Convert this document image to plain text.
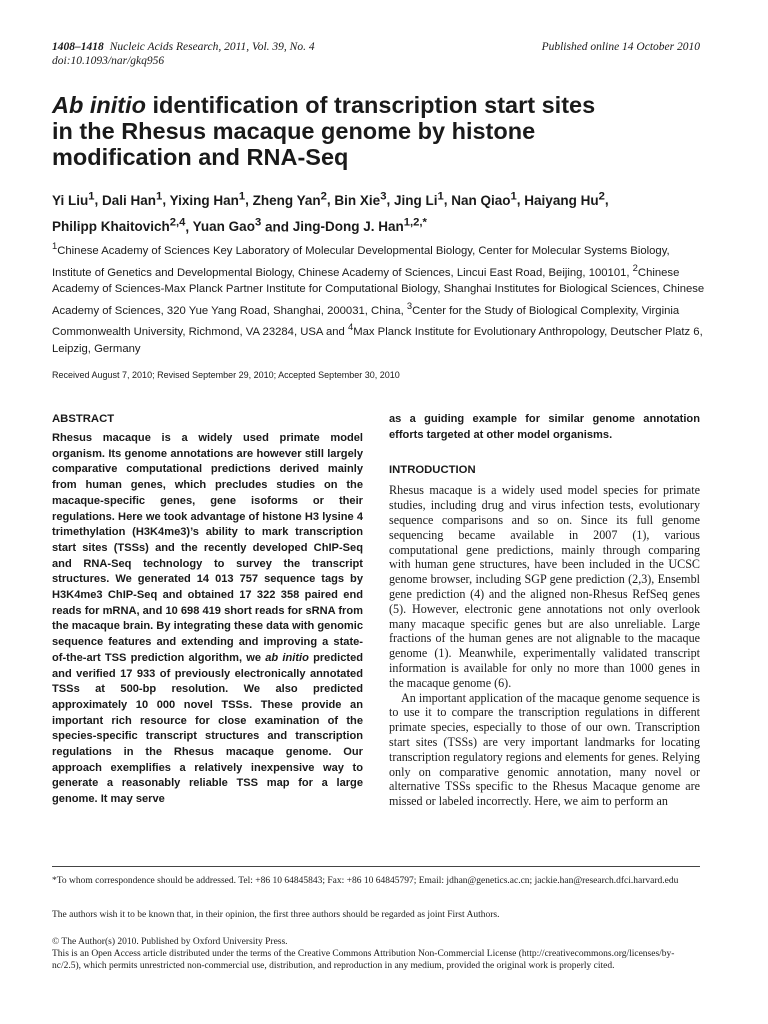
1408–1418 Nucleic Acids Research, 2011, Vol. 39, No. 4
doi:10.1093/nar/gkq956
Published online 14 October 2010
Ab initio identification of transcription start sites
in the Rhesus macaque genome by histone
modification and RNA-Seq
Yi Liu$^1$, Dali Han$^1$, Yixing Han$^1$, Zheng Yan$^2$, Bin Xie$^3$, Jing Li$^1$, Nan Qiao$^1$, Haiyang Hu$^2$,
Philipp Khaitovich$^{2,4}$, Yuan Gao$^3$ and Jing-Dong J. Han$^{1,2,*}$
$^1$Chinese Academy of Sciences Key Laboratory of Molecular Developmental Biology, Center for Molecular Systems Biology, Institute of Genetics and Developmental Biology, Chinese Academy of Sciences, Lincui East Road, Beijing, 100101, $^2$Chinese Academy of Sciences-Max Planck Partner Institute for Computational Biology, Shanghai Institutes for Biological Sciences, Chinese Academy of Sciences, 320 Yue Yang Road, Shanghai, 200031, China, $^3$Center for the Study of Biological Complexity, Virginia Commonwealth University, Richmond, VA 23284, USA and $^4$Max Planck Institute for Evolutionary Anthropology, Deutscher Platz 6, Leipzig, Germany
Received August 7, 2010; Revised September 29, 2010; Accepted September 30, 2010
ABSTRACT

Rhesus macaque is a widely used primate model organism. Its genome annotations are however still largely comparative computational predictions derived mainly from human genes, which precludes studies on the macaque-specific genes, gene isoforms or their regulations. Here we took advantage of histone H3 lysine 4 trimethylation (H3K4me3)’s ability to mark transcription start sites (TSSs) and the recently developed ChIP-Seq and RNA-Seq technology to survey the transcript structures. We generated 14 013 757 sequence tags by H3K4me3 ChIP-Seq and obtained 17 322 358 paired end reads for mRNA, and 10 698 419 short reads for sRNA from the macaque brain. By integrating these data with genomic sequence features and extending and improving a state-of-the-art TSS prediction algorithm, we ab initio predicted and verified 17 933 of previously electronically annotated TSSs at 500-bp resolution. We also predicted approximately 10 000 novel TSSs. These provide an important rich resource for close examination of the species-specific transcript structures and transcription regulations in the Rhesus macaque genome. Our approach exemplifies a relatively inexpensive way to generate a reasonably reliable TSS map for a large genome. It may serve

as a guiding example for similar genome annotation efforts targeted at other model organisms.

INTRODUCTION

Rhesus macaque is a widely used model species for primate studies, including drug and virus infection tests, evolutionary sequence comparisons and so on. Since its full genome sequencing became available in 2007 (1), various computational gene predictions, mainly through comparing with human gene structures, have been included in the UCSC genome browser, including SGP gene prediction (2,3), Ensembl gene prediction (4) and the aligned non-Rhesus RefSeq genes (5). However, electronic gene annotations not only overlook many macaque specific genes but are also unreliable. Large fractions of the human genes are not alignable to the macaque genome (1). Meanwhile, experimentally validated transcript information is available for only no more than 1000 genes in the macaque genome (6).

An important application of the macaque genome sequence is to use it to compare the transcription regulations in different primate species, especially to those of our own. Transcription start sites (TSSs) are very important landmarks for locating transcription regulatory regions and elements for genes. Relying only on comparative genomic annotation, many novel or alternative TSSs specific to the Rhesus Macaque genome are missed or labeled incorrectly. Here, we aim to perform an

*To whom correspondence should be addressed. Tel: +86 10 64845843; Fax: +86 10 64845797; Email: jdhan@genetics.ac.cn; jackie.han@research.dfci.harvard.edu
The authors wish it to be known that, in their opinion, the first three authors should be regarded as joint First Authors.
© The Author(s) 2010. Published by Oxford University Press.
This is an Open Access article distributed under the terms of the Creative Commons Attribution Non-Commercial License (http://creativecommons.org/licenses/by-nc/2.5), which permits unrestricted non-commercial use, distribution, and reproduction in any medium, provided the original work is properly cited.
